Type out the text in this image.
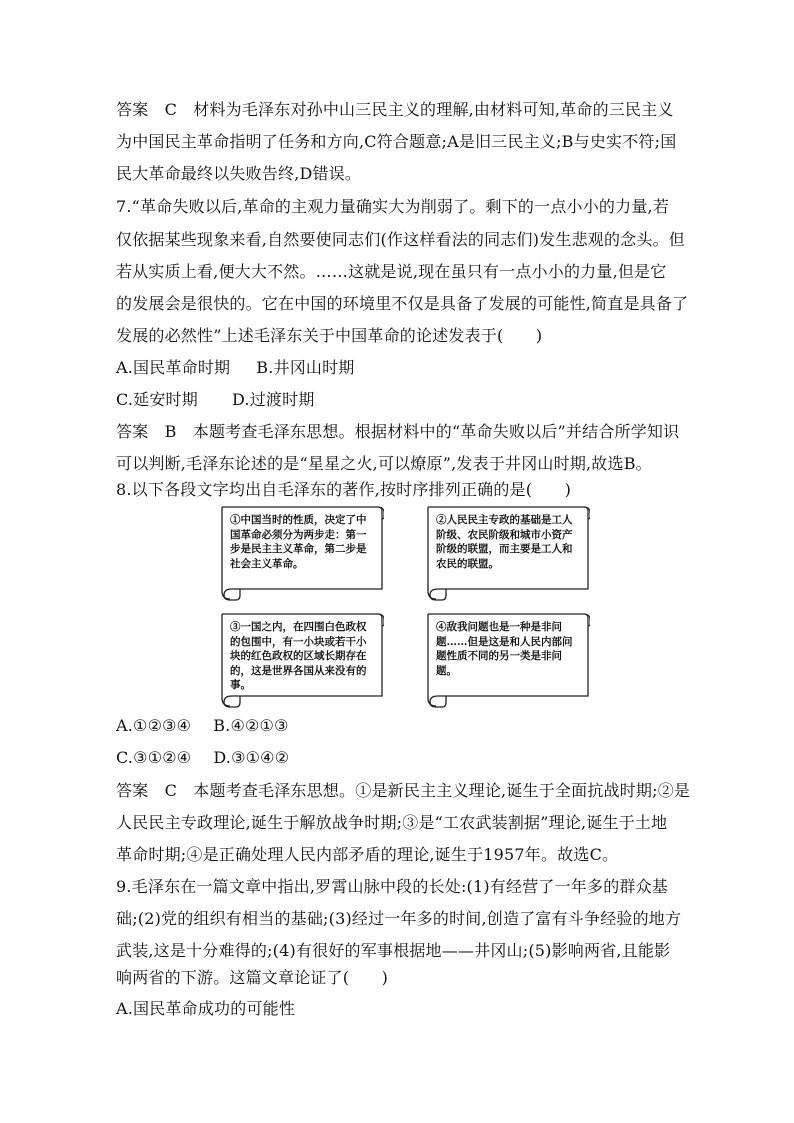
答案　C　材料为毛泽东对孙中山三民主义的理解,由材料可知,革命的三民主义
为中国民主革命指明了任务和方向,C符合题意;A是旧三民主义;B与史实不符;国
民大革命最终以失败告终,D错误。
7.“革命失败以后,革命的主观力量确实大为削弱了。剩下的一点小小的力量,若
仅依据某些现象来看,自然要使同志们(作这样看法的同志们)发生悲观的念头。但
若从实质上看,便大大不然。……这就是说,现在虽只有一点小小的力量,但是它
的发展会是很快的。它在中国的环境里不仅是具备了发展的可能性,简直是具备了
发展的必然性”上述毛泽东关于中国革命的论述发表于(　　)
A.国民革命时期 B.井冈山时期
C.延安时期 D.过渡时期
答案　B　本题考查毛泽东思想。根据材料中的“革命失败以后”并结合所学知识
可以判断,毛泽东论述的是“星星之火,可以燎原”,发表于井冈山时期,故选B。
8.以下各段文字均出自毛泽东的著作,按时序排列正确的是(　　)
①中国当时的性质，决定了中国革命必须分为两步走：第一步是民主主义革命，第二步是社会主义革命。
②人民民主专政的基础是工人阶级、农民阶级和城市小资产阶级的联盟，而主要是工人和农民的联盟。
③一国之内，在四围白色政权的包围中，有一小块或若干小块的红色政权的区域长期存在的，这是世界各国从来没有的事。
④敌我问题也是一种是非问题……但是这是和人民内部问题性质不同的另一类是非问题。
A.①②③④ B.④②①③
C.③①②④ D.③①④②
答案　C　本题考查毛泽东思想。①是新民主主义理论,诞生于全面抗战时期;②是
人民民主专政理论,诞生于解放战争时期;③是“工农武装割据”理论,诞生于土地
革命时期;④是正确处理人民内部矛盾的理论,诞生于1957年。故选C。
9.毛泽东在一篇文章中指出,罗霄山脉中段的长处:(1)有经营了一年多的群众基
础;(2)党的组织有相当的基础;(3)经过一年多的时间,创造了富有斗争经验的地方
武装,这是十分难得的;(4)有很好的军事根据地——井冈山;(5)影响两省,且能影
响两省的下游。这篇文章论证了(　　)
A.国民革命成功的可能性
